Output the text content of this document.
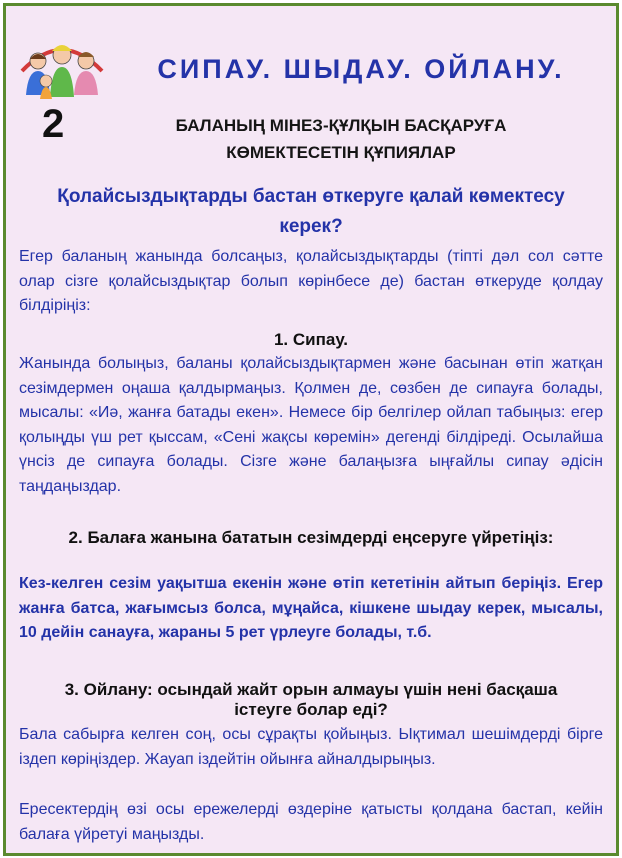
СИПАУ. ШЫДАУ. ОЙЛАНУ.
2	БАЛАНЫҢ МІНЕЗ-ҚҰЛҚЫН БАСҚАРУҒА КӨМЕКТЕСЕТІН ҚҰПИЯЛАР
Қолайсыздықтарды бастан өткеруге қалай көмектесу керек?
Егер баланың жанында болсаңыз, қолайсыздықтарды (тіпті дәл сол сәтте олар сізге қолайсыздықтар болып көрінбесе де) бастан өткеруде қолдау білдіріңіз:
1. Сипау.
Жанында болыңыз, баланы қолайсыздықтармен және басынан өтіп жатқан сезімдермен оңаша қалдырмаңыз. Қолмен де, сөзбен де сипауға болады, мысалы: «Иә, жанға батады екен». Немесе бір белгілер ойлап табыңыз: егер қолыңды үш рет қыссам, «Сені жақсы көремін» дегенді білдіреді. Осылайша үнсіз де сипауға болады. Сізге және балаңызға ыңғайлы сипау әдісін таңдаңыздар.
2. Балаға жанына бататын сезімдерді еңсеруге үйретіңіз:
Кез-келген сезім уақытша екенін және өтіп кететінін айтып беріңіз. Егер жанға батса, жағымсыз болса, мұңайса, кішкене шыдау керек, мысалы, 10 дейін санауға, жараны 5 рет үрлеуге болады, т.б.
3. Ойлану: осындай жайт орын алмауы үшін нені басқаша істеуге болар еді?
Бала сабырға келген соң, осы сұрақты қойыңыз. Ықтимал шешімдерді бірге іздеп көріңіздер. Жауап іздейтін ойынға айналдырыңыз.
Ересектердің өзі осы ережелерді өздеріне қатысты қолдана бастап, кейін балаға үйретуі маңызды.
